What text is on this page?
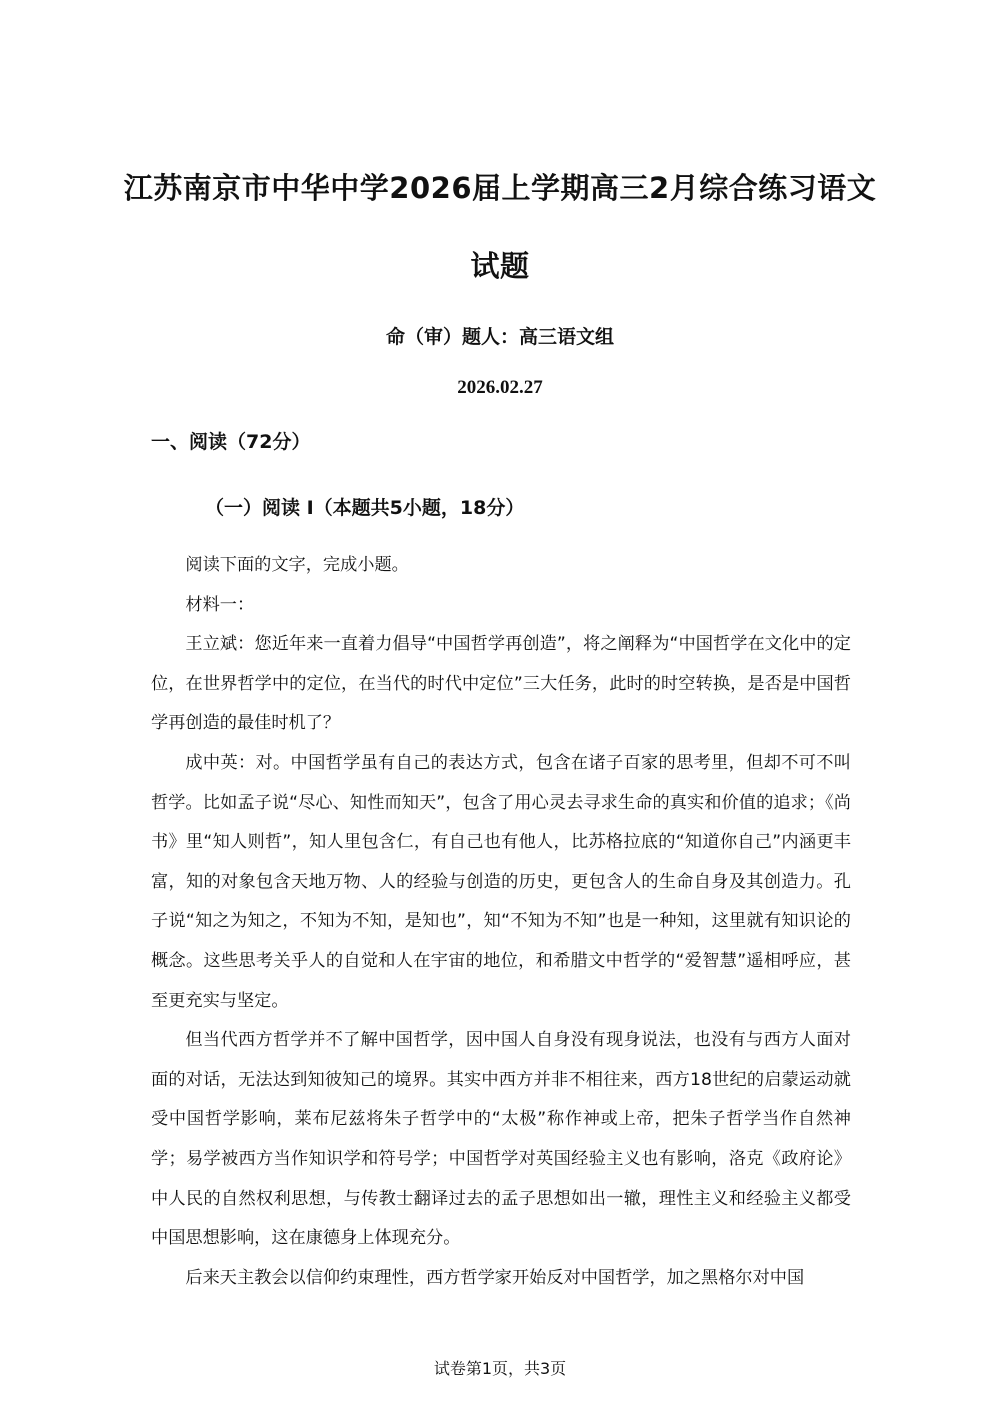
江苏南京市中华中学2026届上学期高三2月综合练习语文
试题
命（审）题人：高三语文组
2026.02.27
一、阅读（72分）
（一）阅读 I（本题共5小题，18分）

阅读下面的文字，完成小题。

材料一：

王立斌：您近年来一直着力倡导“中国哲学再创造”，将之阐释为“中国哲学在文化中的定位，在世界哲学中的定位，在当代的时代中定位”三大任务，此时的时空转换，是否是中国哲学再创造的最佳时机了？

成中英：对。中国哲学虽有自己的表达方式，包含在诸子百家的思考里，但却不可不叫哲学。比如孟子说“尽心、知性而知天”，包含了用心灵去寻求生命的真实和价值的追求；《尚书》里“知人则哲”，知人里包含仁，有自己也有他人，比苏格拉底的“知道你自己”内涵更丰富，知的对象包含天地万物、人的经验与创造的历史，更包含人的生命自身及其创造力。孔子说“知之为知之，不知为不知，是知也”，知“不知为不知”也是一种知，这里就有知识论的概念。这些思考关乎人的自觉和人在宇宙的地位，和希腊文中哲学的“爱智慧”遥相呼应，甚至更充实与坚定。

但当代西方哲学并不了解中国哲学，因中国人自身没有现身说法，也没有与西方人面对面的对话，无法达到知彼知己的境界。其实中西方并非不相往来，西方18世纪的启蒙运动就受中国哲学影响，莱布尼兹将朱子哲学中的“太极”称作神或上帝，把朱子哲学当作自然神学；易学被西方当作知识学和符号学；中国哲学对英国经验主义也有影响，洛克《政府论》中人民的自然权利思想，与传教士翻译过去的孟子思想如出一辙，理性主义和经验主义都受中国思想影响，这在康德身上体现充分。

后来天主教会以信仰约束理性，西方哲学家开始反对中国哲学，加之黑格尔对中国

试卷第1页，共3页
